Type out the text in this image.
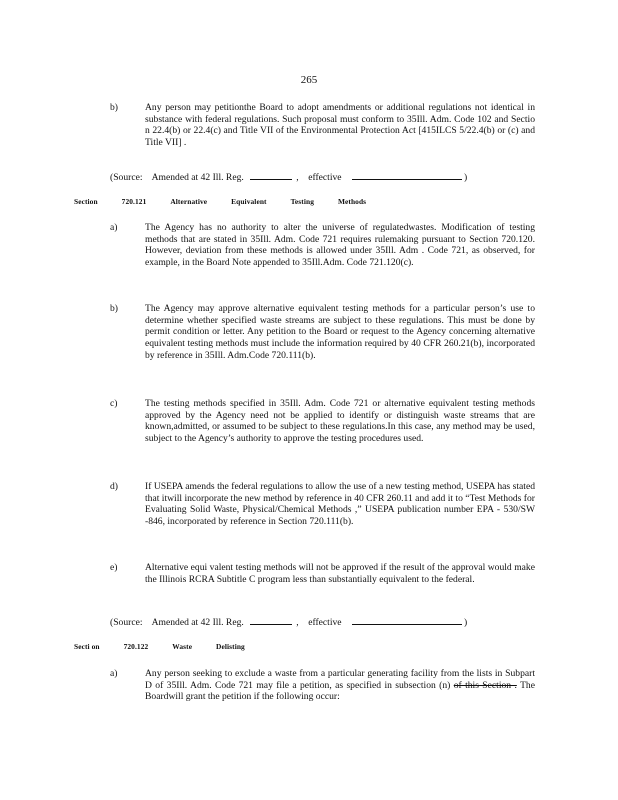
265
b)	Any person may petitionthe Board to adopt amendments or additional regulations not identical in substance with federal regulations. Such proposal must conform to 35Ill. Adm. Code 102 and Sectio n 22.4(b) or 22.4(c) and Title VII of the Environmental Protection Act [415ILCS 5/22.4(b) or (c) and Title VII] .
(Source: Amended at 42 Ill. Reg.	, effective	)
Section	720.121	Alternative	Equivalent	Testing	Methods
a)	The Agency has no authority to alter the universe of regulatedwastes. Modification of testing methods that are stated in 35Ill. Adm. Code 721 requires rulemaking pursuant to Section 720.120. However, deviation from these methods is allowed under 35Ill. Adm . Code 721, as observed, for example, in the Board Note appended to 35Ill.Adm. Code 721.120(c).
b)	The Agency may approve alternative equivalent testing methods for a particular person’s use to determine whether specified waste streams are subject to these regulations. This must be done by permit condition or letter. Any petition to the Board or request to the Agency concerning alternative equivalent testing methods must include the information required by 40 CFR 260.21(b), incorporated by reference in 35Ill. Adm.Code 720.111(b).
c)	The testing methods specified in 35Ill. Adm. Code 721 or alternative equivalent testing methods approved by the Agency need not be applied to identify or distinguish waste streams that are known,admitted, or assumed to be subject to these regulations.In this case, any method may be used, subject to the Agency’s authority to approve the testing procedures used.
d)	If USEPA amends the federal regulations to allow the use of a new testing method, USEPA has stated that itwill incorporate the new method by reference in 40 CFR 260.11 and add it to “Test Methods for Evaluating Solid Waste, Physical/Chemical Methods ,” USEPA publication number EPA - 530/SW -846, incorporated by reference in Section 720.111(b).
e)	Alternative equi valent testing methods will not be approved if the result of the approval would make the Illinois RCRA Subtitle C program less than substantially equivalent to the federal.
(Source: Amended at 42 Ill. Reg.	, effective	)
Secti on	720.122	Waste	Delisting
a)	Any person seeking to exclude a waste from a particular generating facility from the lists in Subpart D of 35Ill. Adm. Code 721 may file a petition, as specified in subsection (n) of this Section . The Boardwill grant the petition if the following occur:
